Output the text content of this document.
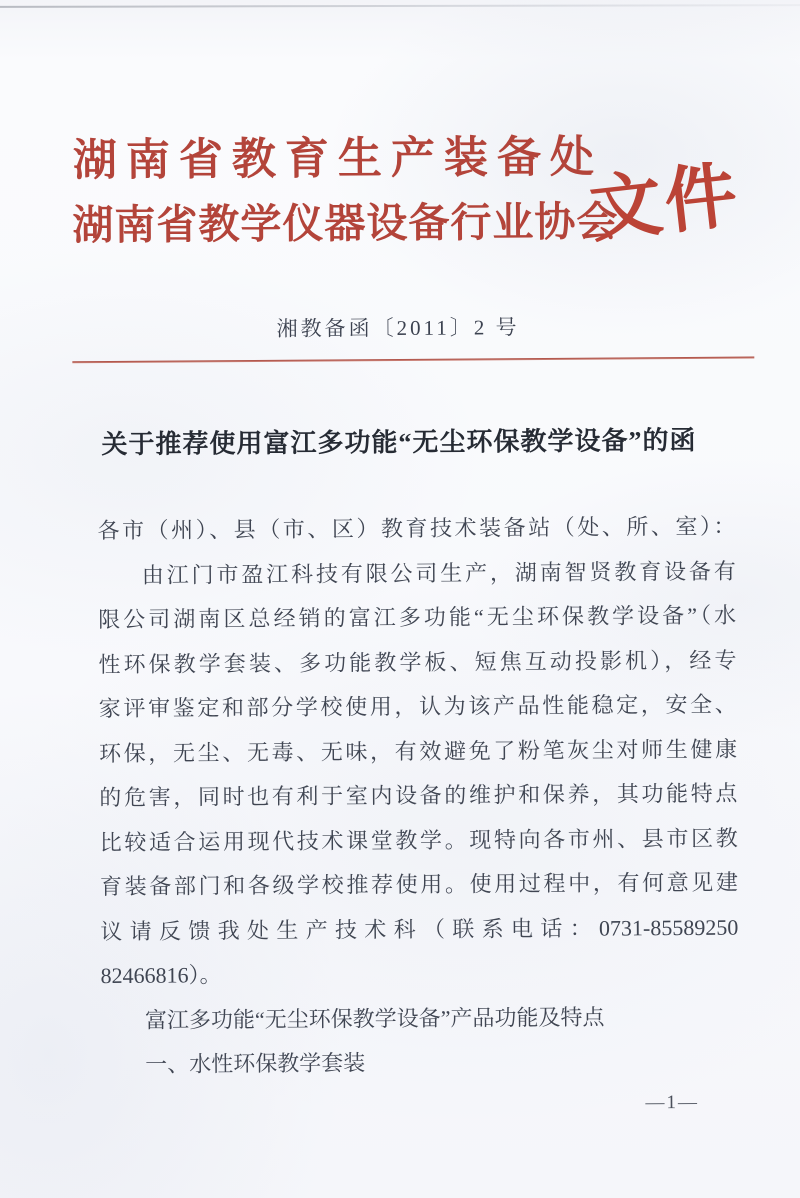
湖南省教育生产装备处
湖南省教学仪器设备行业协会
文件
湘教备函〔2011〕2 号
关于推荐使用富江多功能“无尘环保教学设备”的函
各市（州）、县（市、区）教育技术装备站（处、所、室）：
由江门市盈江科技有限公司生产，湖南智贤教育设备有
限公司湖南区总经销的富江多功能“无尘环保教学设备”（水
性环保教学套装、多功能教学板、短焦互动投影机），经专
家评审鉴定和部分学校使用，认为该产品性能稳定，安全、
环保，无尘、无毒、无味，有效避免了粉笔灰尘对师生健康
的危害，同时也有利于室内设备的维护和保养，其功能特点
比较适合运用现代技术课堂教学。现特向各市州、县市区教
育装备部门和各级学校推荐使用。使用过程中，有何意见建
议请反馈我处生产技术科（联系电话：0731-85589250
82466816）。
富江多功能“无尘环保教学设备”产品功能及特点
一、水性环保教学套装
—1—
